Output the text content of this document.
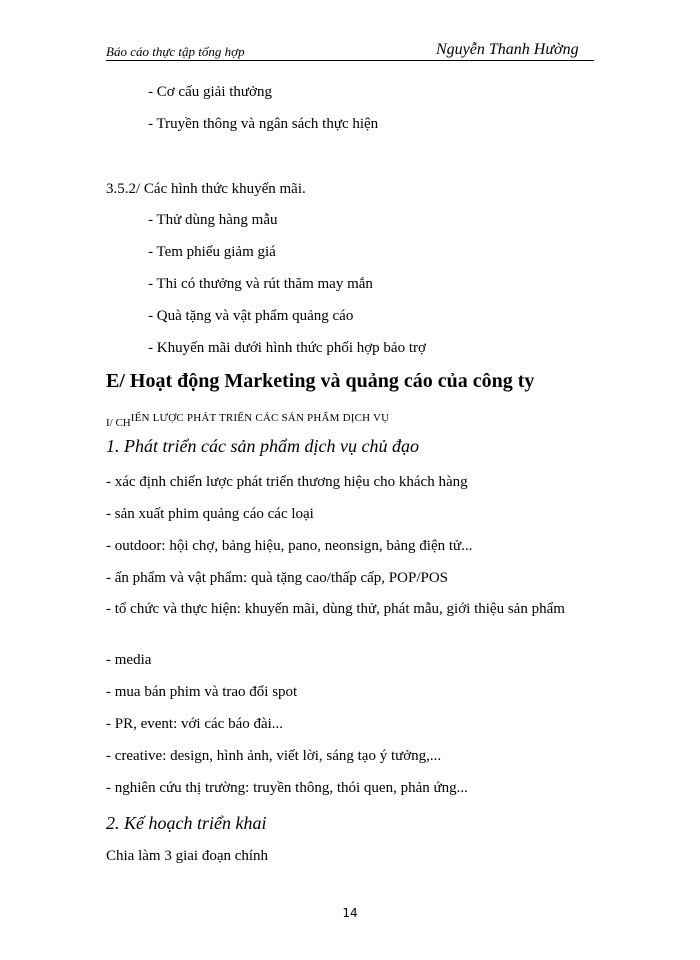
Báo cáo thực tập tổng hợp	Nguyễn Thanh Hường
- Cơ cấu giải thưởng
- Truyền thông và ngân sách thực hiện
3.5.2/ Các hình thức khuyến mãi.
- Thử dùng hàng mẫu
- Tem phiếu giảm giá
- Thi có thưởng và rút thăm may mắn
- Quà tặng và vật phẩm quảng cáo
- Khuyến mãi dưới hình thức phối hợp bảo trợ
E/ Hoạt động Marketing và quảng cáo của công ty
I/ CHIẾN LƯỢC PHÁT TRIỂN CÁC SẢN PHẨM DỊCH VỤ
1. Phát triển các sản phẩm dịch vụ chủ đạo
- xác định chiến lược phát triển thương hiệu cho khách hàng
- sản xuất phim quảng cáo các loại
- outdoor: hội chợ, bảng hiệu, pano, neonsign, bảng điện tử...
- ấn phẩm và vật phẩm: quà tặng cao/thấp cấp, POP/POS
- tổ chức và thực hiện: khuyến mãi, dùng thử, phát mẫu, giới thiệu sản phẩm
- media
- mua bán phim và trao đổi spot
- PR, event: với các báo đài...
- creative: design, hình ảnh, viết lời, sáng tạo ý tưởng,...
- nghiên cứu thị trường: truyền thông, thói quen, phản ứng...
2. Kế hoạch triển khai
Chia làm 3 giai đoạn chính
14
